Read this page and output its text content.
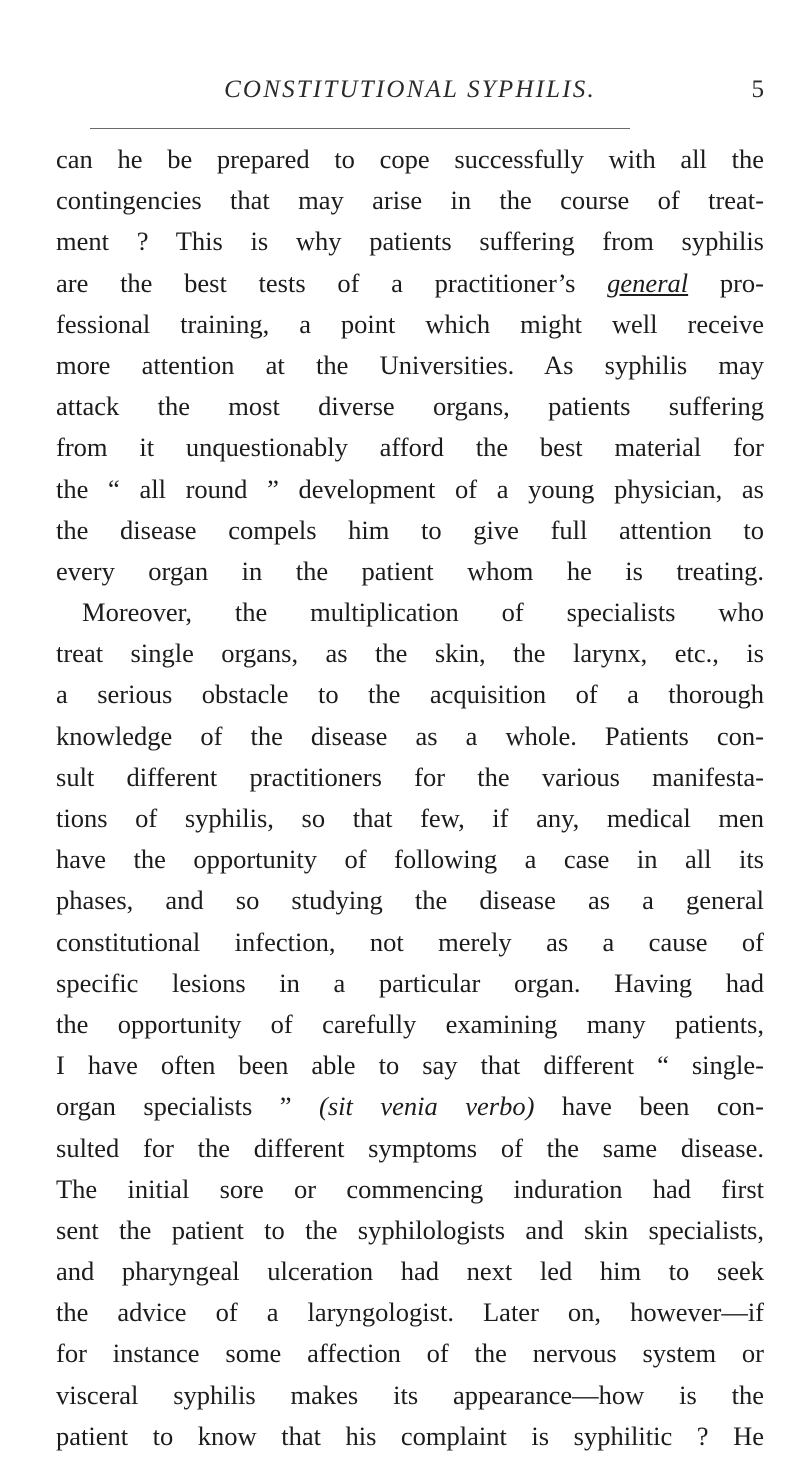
CONSTITUTIONAL SYPHILIS.	5
can he be prepared to cope successfully with all the
contingencies that may arise in the course of treat-
ment ? This is why patients suffering from syphilis
are the best tests of a practitioner’s general pro-
fessional training, a point which might well receive
more attention at the Universities. As syphilis may
attack the most diverse organs, patients suffering
from it unquestionably afford the best material for
the “ all round ” development of a young physician, as
the disease compels him to give full attention to
every organ in the patient whom he is treating.
Moreover, the multiplication of specialists who
treat single organs, as the skin, the larynx, etc., is
a serious obstacle to the acquisition of a thorough
knowledge of the disease as a whole. Patients con-
sult different practitioners for the various manifesta-
tions of syphilis, so that few, if any, medical men
have the opportunity of following a case in all its
phases, and so studying the disease as a general
constitutional infection, not merely as a cause of
specific lesions in a particular organ. Having had
the opportunity of carefully examining many patients,
I have often been able to say that different “ single-
organ specialists ” (sit venia verbo) have been con-
sulted for the different symptoms of the same disease.
The initial sore or commencing induration had first
sent the patient to the syphilologists and skin specialists,
and pharyngeal ulceration had next led him to seek
the advice of a laryngologist. Later on, however—if
for instance some affection of the nervous system or
visceral syphilis makes its appearance—how is the
patient to know that his complaint is syphilitic ? He
